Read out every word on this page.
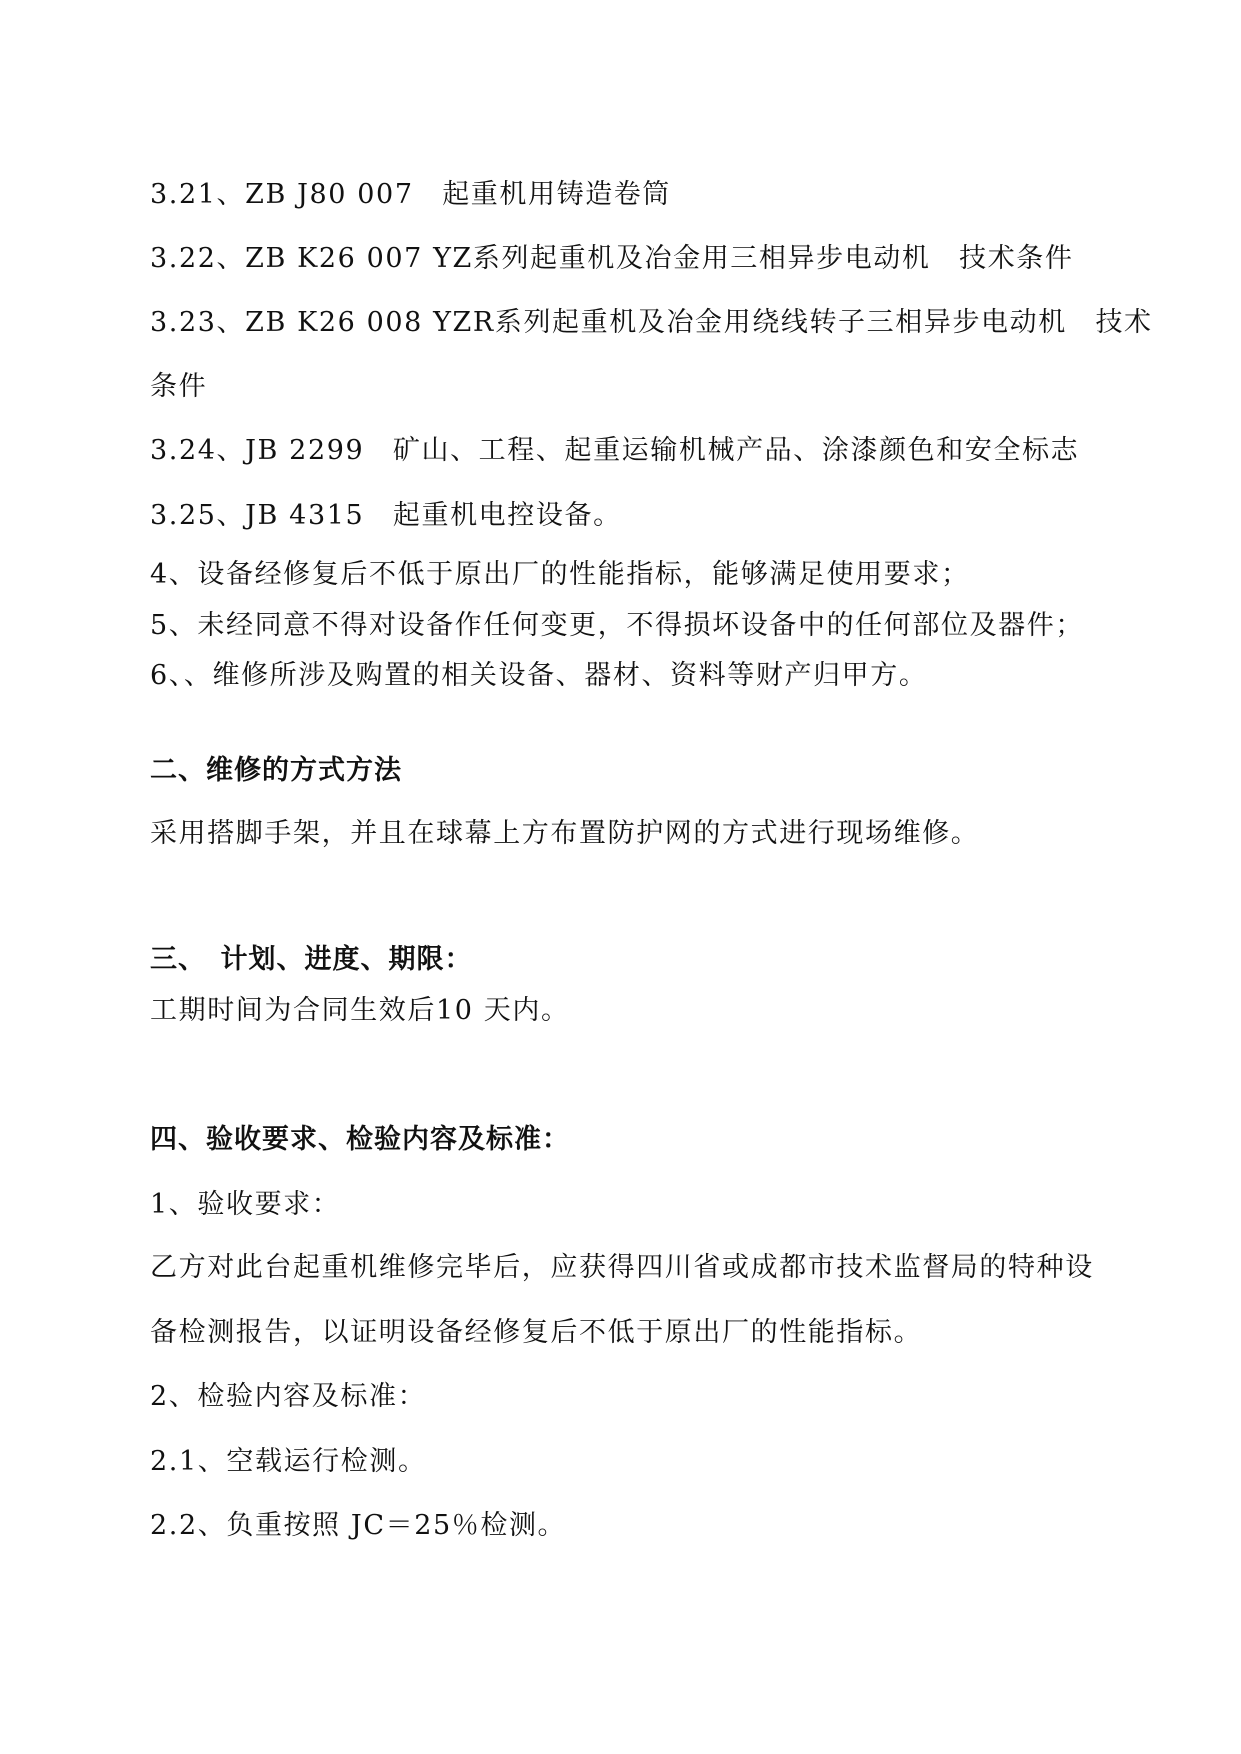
3.21、ZB J80 007　起重机用铸造卷筒
3.22、ZB K26 007 YZ系列起重机及冶金用三相异步电动机　技术条件
3.23、ZB K26 008 YZR系列起重机及冶金用绕线转子三相异步电动机　技术
条件
3.24、JB 2299　矿山、工程、起重运输机械产品、涂漆颜色和安全标志
3.25、JB 4315　起重机电控设备。
4、设备经修复后不低于原出厂的性能指标，能够满足使用要求；
5、未经同意不得对设备作任何变更，不得损坏设备中的任何部位及器件；
6、、维修所涉及购置的相关设备、器材、资料等财产归甲方。
二、维修的方式方法
采用搭脚手架，并且在球幕上方布置防护网的方式进行现场维修。
三、　计划、进度、期限：
工期时间为合同生效后10 天内。
四、验收要求、检验内容及标准：
1、验收要求：
乙方对此台起重机维修完毕后，应获得四川省或成都市技术监督局的特种设
备检测报告，以证明设备经修复后不低于原出厂的性能指标。
2、检验内容及标准：
2.1、空载运行检测。
2.2、负重按照 JC＝25％检测。
